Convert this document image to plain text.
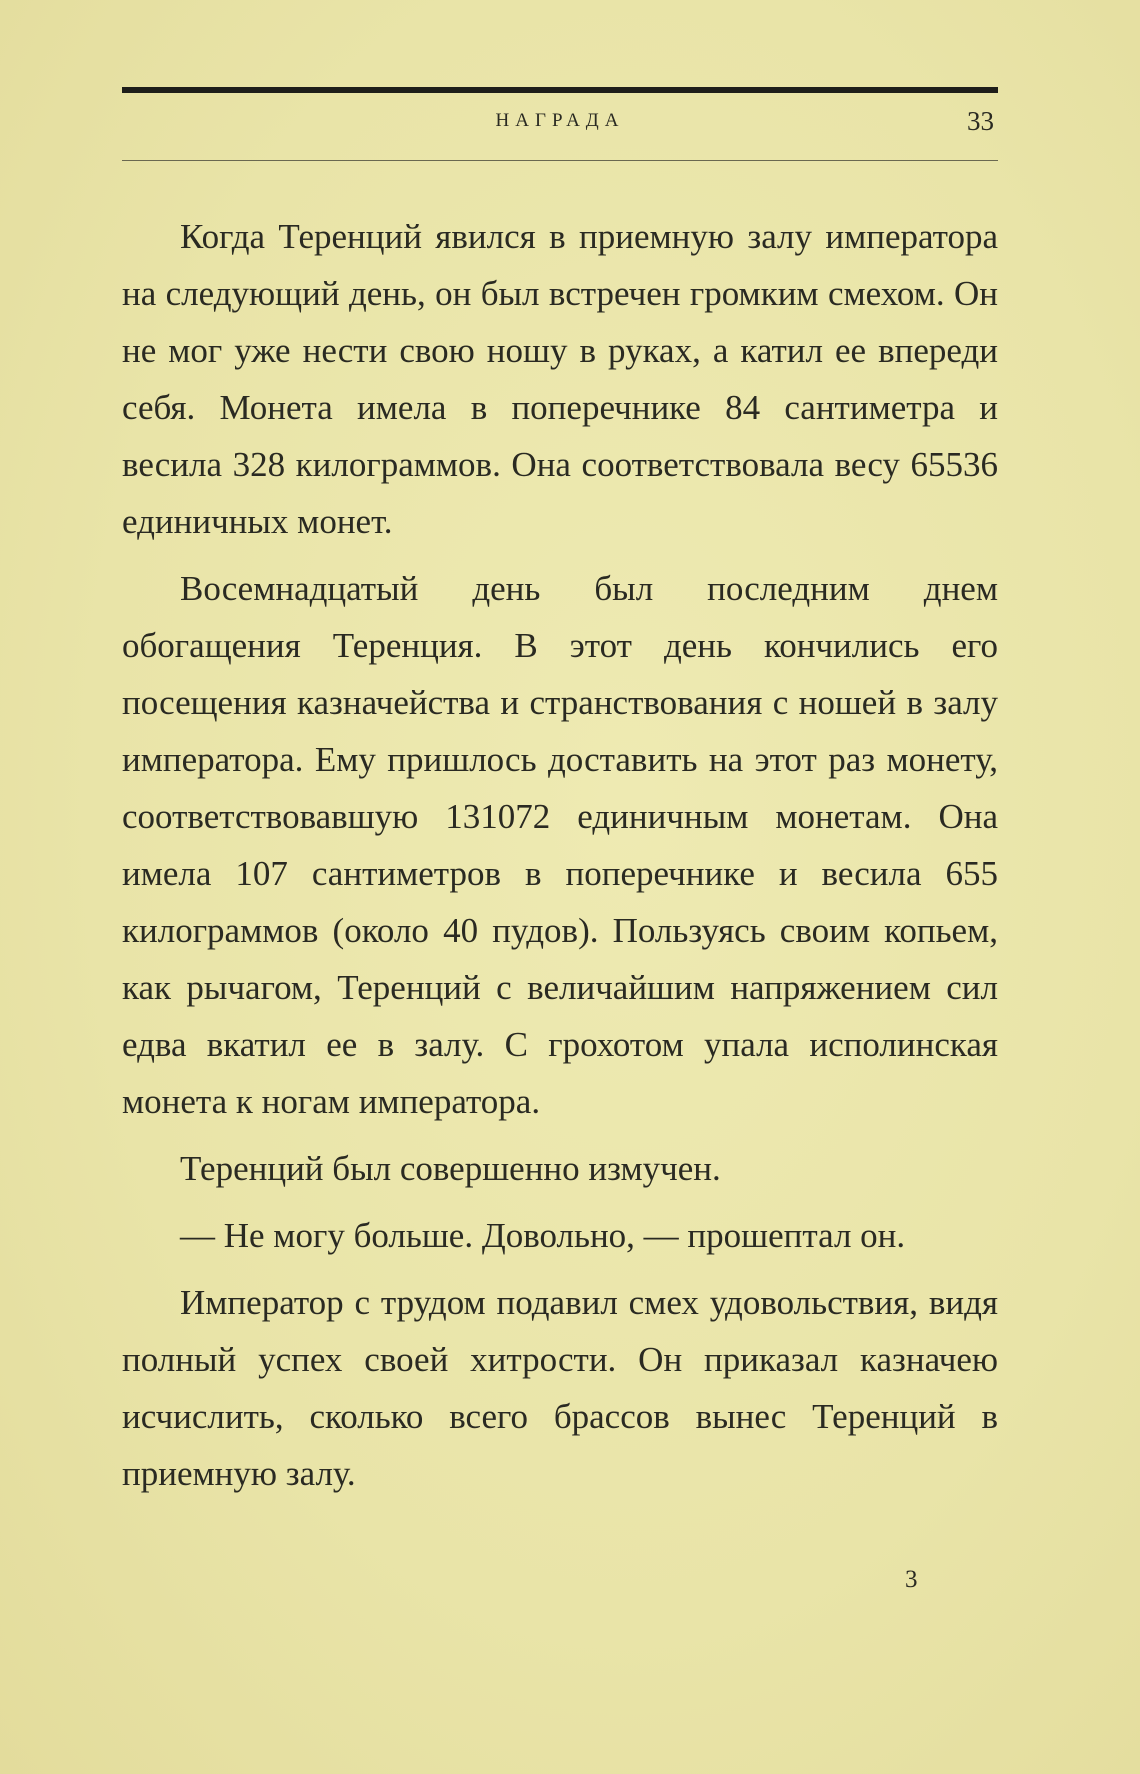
НАГРАДА	33

Когда Теренций явился в приемную залу императора на следующий день, он был встречен громким смехом. Он не мог уже нести свою ношу в руках, а катил ее впереди себя. Монета имела в поперечнике 84 сантиметра и весила 328 килограммов. Она соответствовала весу 65536 единичных монет.

Восемнадцатый день был последним днем обогащения Теренция. В этот день кончились его посещения казначейства и странствования с ношей в залу императора. Ему пришлось доставить на этот раз монету, соответствовавшую 131072 единичным монетам. Она имела 107 сантиметров в поперечнике и весила 655 килограммов (около 40 пудов). Пользуясь своим копьем, как рычагом, Теренций с величайшим напряжением сил едва вкатил ее в залу. С грохотом упала исполинская монета к ногам императора.

Теренций был совершенно измучен.

— Не могу больше. Довольно, — прошептал он.

Император с трудом подавил смех удовольствия, видя полный успех своей хитрости. Он приказал казначею исчислить, сколько всего брассов вынес Теренций в приемную залу.

3
